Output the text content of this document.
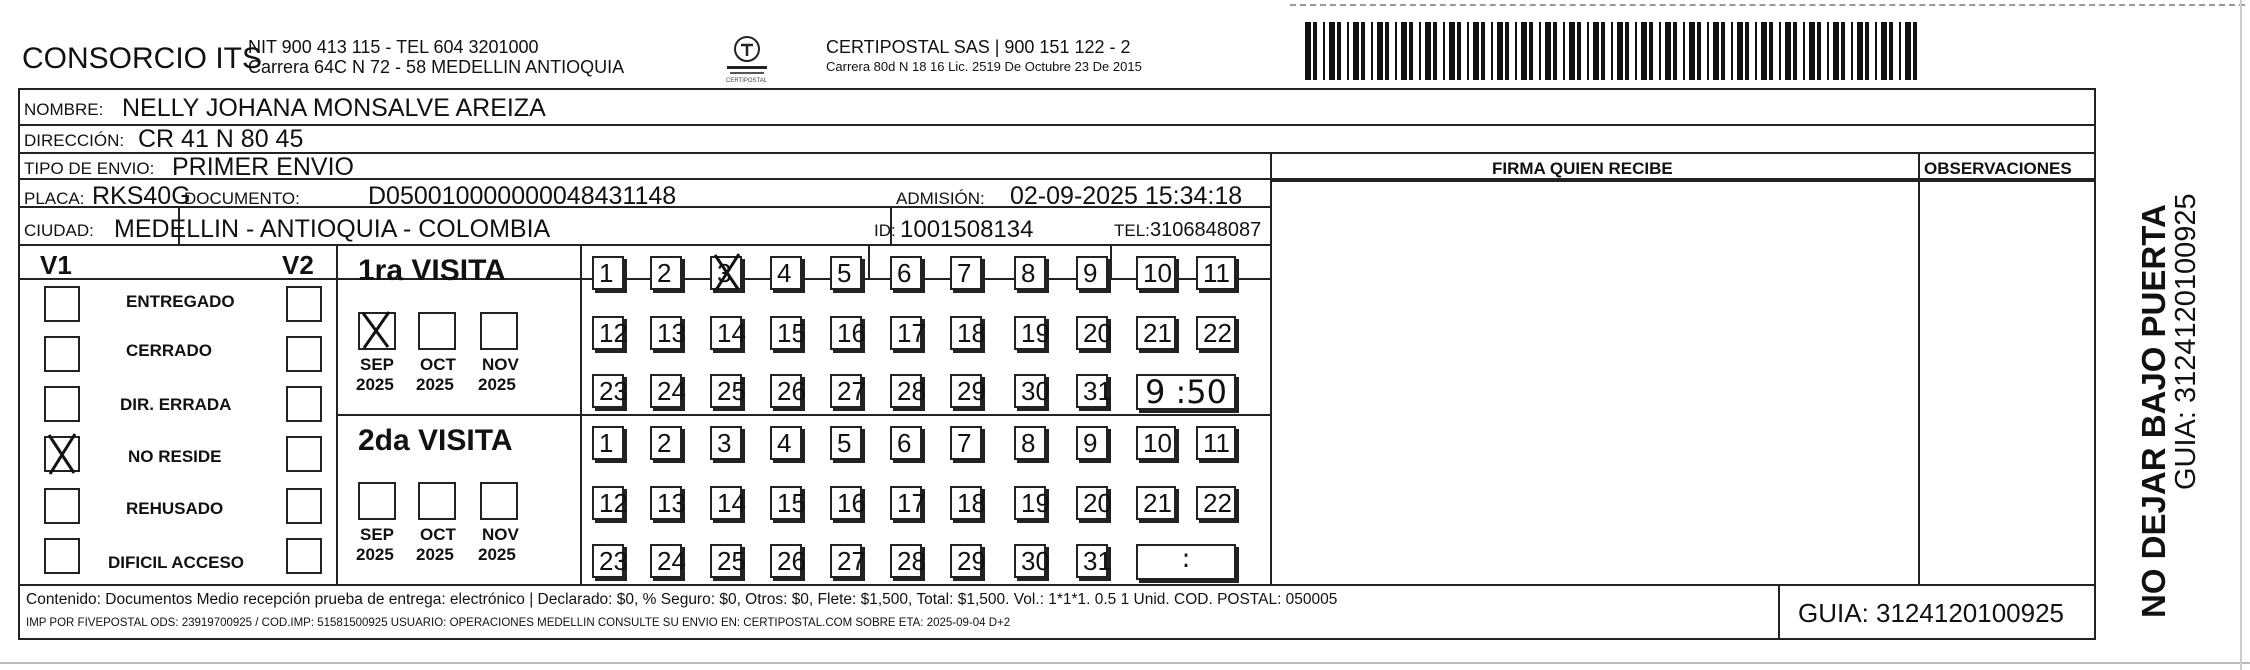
CONSORCIO ITS
NIT 900 413 115 - TEL 604 3201000
Carrera 64C N 72 - 58 MEDELLIN ANTIOQUIA
CERTIPOSTAL
CERTIPOSTAL SAS | 900 151 122 - 2
Carrera 80d N 18 16 Lic. 2519 De Octubre 23 De 2015
NOMBRE: NELLY JOHANA MONSALVE AREIZA
DIRECCIÓN: CR 41 N 80 45
TIPO DE ENVIO: PRIMER ENVIO	FIRMA QUIEN RECIBE	OBSERVACIONES
PLACA: RKS40G
DOCUMENTO:	D050010000000048431148	ADMISIÓN: 02-09-2025 15:34:18
CIUDAD: MEDELLIN - ANTIOQUIA - COLOMBIA	ID: 1001508134	TEL: 3106848087
V1	V2
ENTREGADO
CERRADO
DIR. ERRADA
NO RESIDE
REHUSADO
DIFICIL ACCESO
1ra VISITA
SEP
2025
OCT
2025
NOV
2025
1	2	3	4	5	6	7	8	9	10 11
12 13 14 15 16 17 18 19 20 21 22
23 24 25 26 27 28 29 30 31 9 :50
2da VISITA
SEP
2025
OCT
2025
NOV
2025
1	2	3	4	5	6	7	8	9	10 11
12 13 14 15 16 17 18 19 20 21 22
23 24 25 26 27 28 29 30 31	:
Contenido: Documentos Medio recepción prueba de entrega: electrónico | Declarado: $0, % Seguro: $0, Otros: $0, Flete: $1,500, Total: $1,500. Vol.: 1*1*1. 0.5 1 Unid. COD. POSTAL: 050005
IMP POR FIVEPOSTAL ODS: 23919700925 / COD.IMP: 51581500925 USUARIO: OPERACIONES MEDELLIN CONSULTE SU ENVIO EN: CERTIPOSTAL.COM SOBRE ETA: 2025-09-04 D+2	GUIA: 3124120100925 NO DEJAR BAJO PUERTA
GUIA: 3124120100925
